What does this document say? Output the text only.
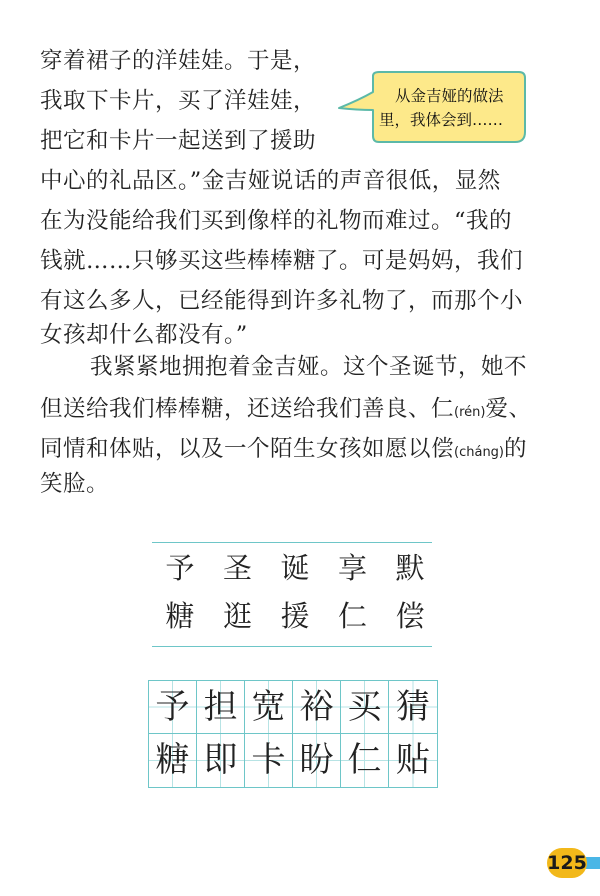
穿着裙子的洋娃娃。于是，
我取下卡片，买了洋娃娃，
把它和卡片一起送到了援助
中心的礼品区。”金吉娅说话的声音很低，显然
在为没能给我们买到像样的礼物而难过。“我的
钱就……只够买这些棒棒糖了。可是妈妈，我们
有这么多人，已经能得到许多礼物了，而那个小
女孩却什么都没有。”
我紧紧地拥抱着金吉娅。这个圣诞节，她不
但送给我们棒棒糖，还送给我们善良、仁(rén)爱、
同情和体贴，以及一个陌生女孩如愿以偿(cháng)的
笑脸。
从金吉娅的做法
里，我体会到……
予 圣 诞 享 默
糖 逛 援 仁 偿
予 担 宽 裕 买 猜
糖 即 卡 盼 仁 贴
125
